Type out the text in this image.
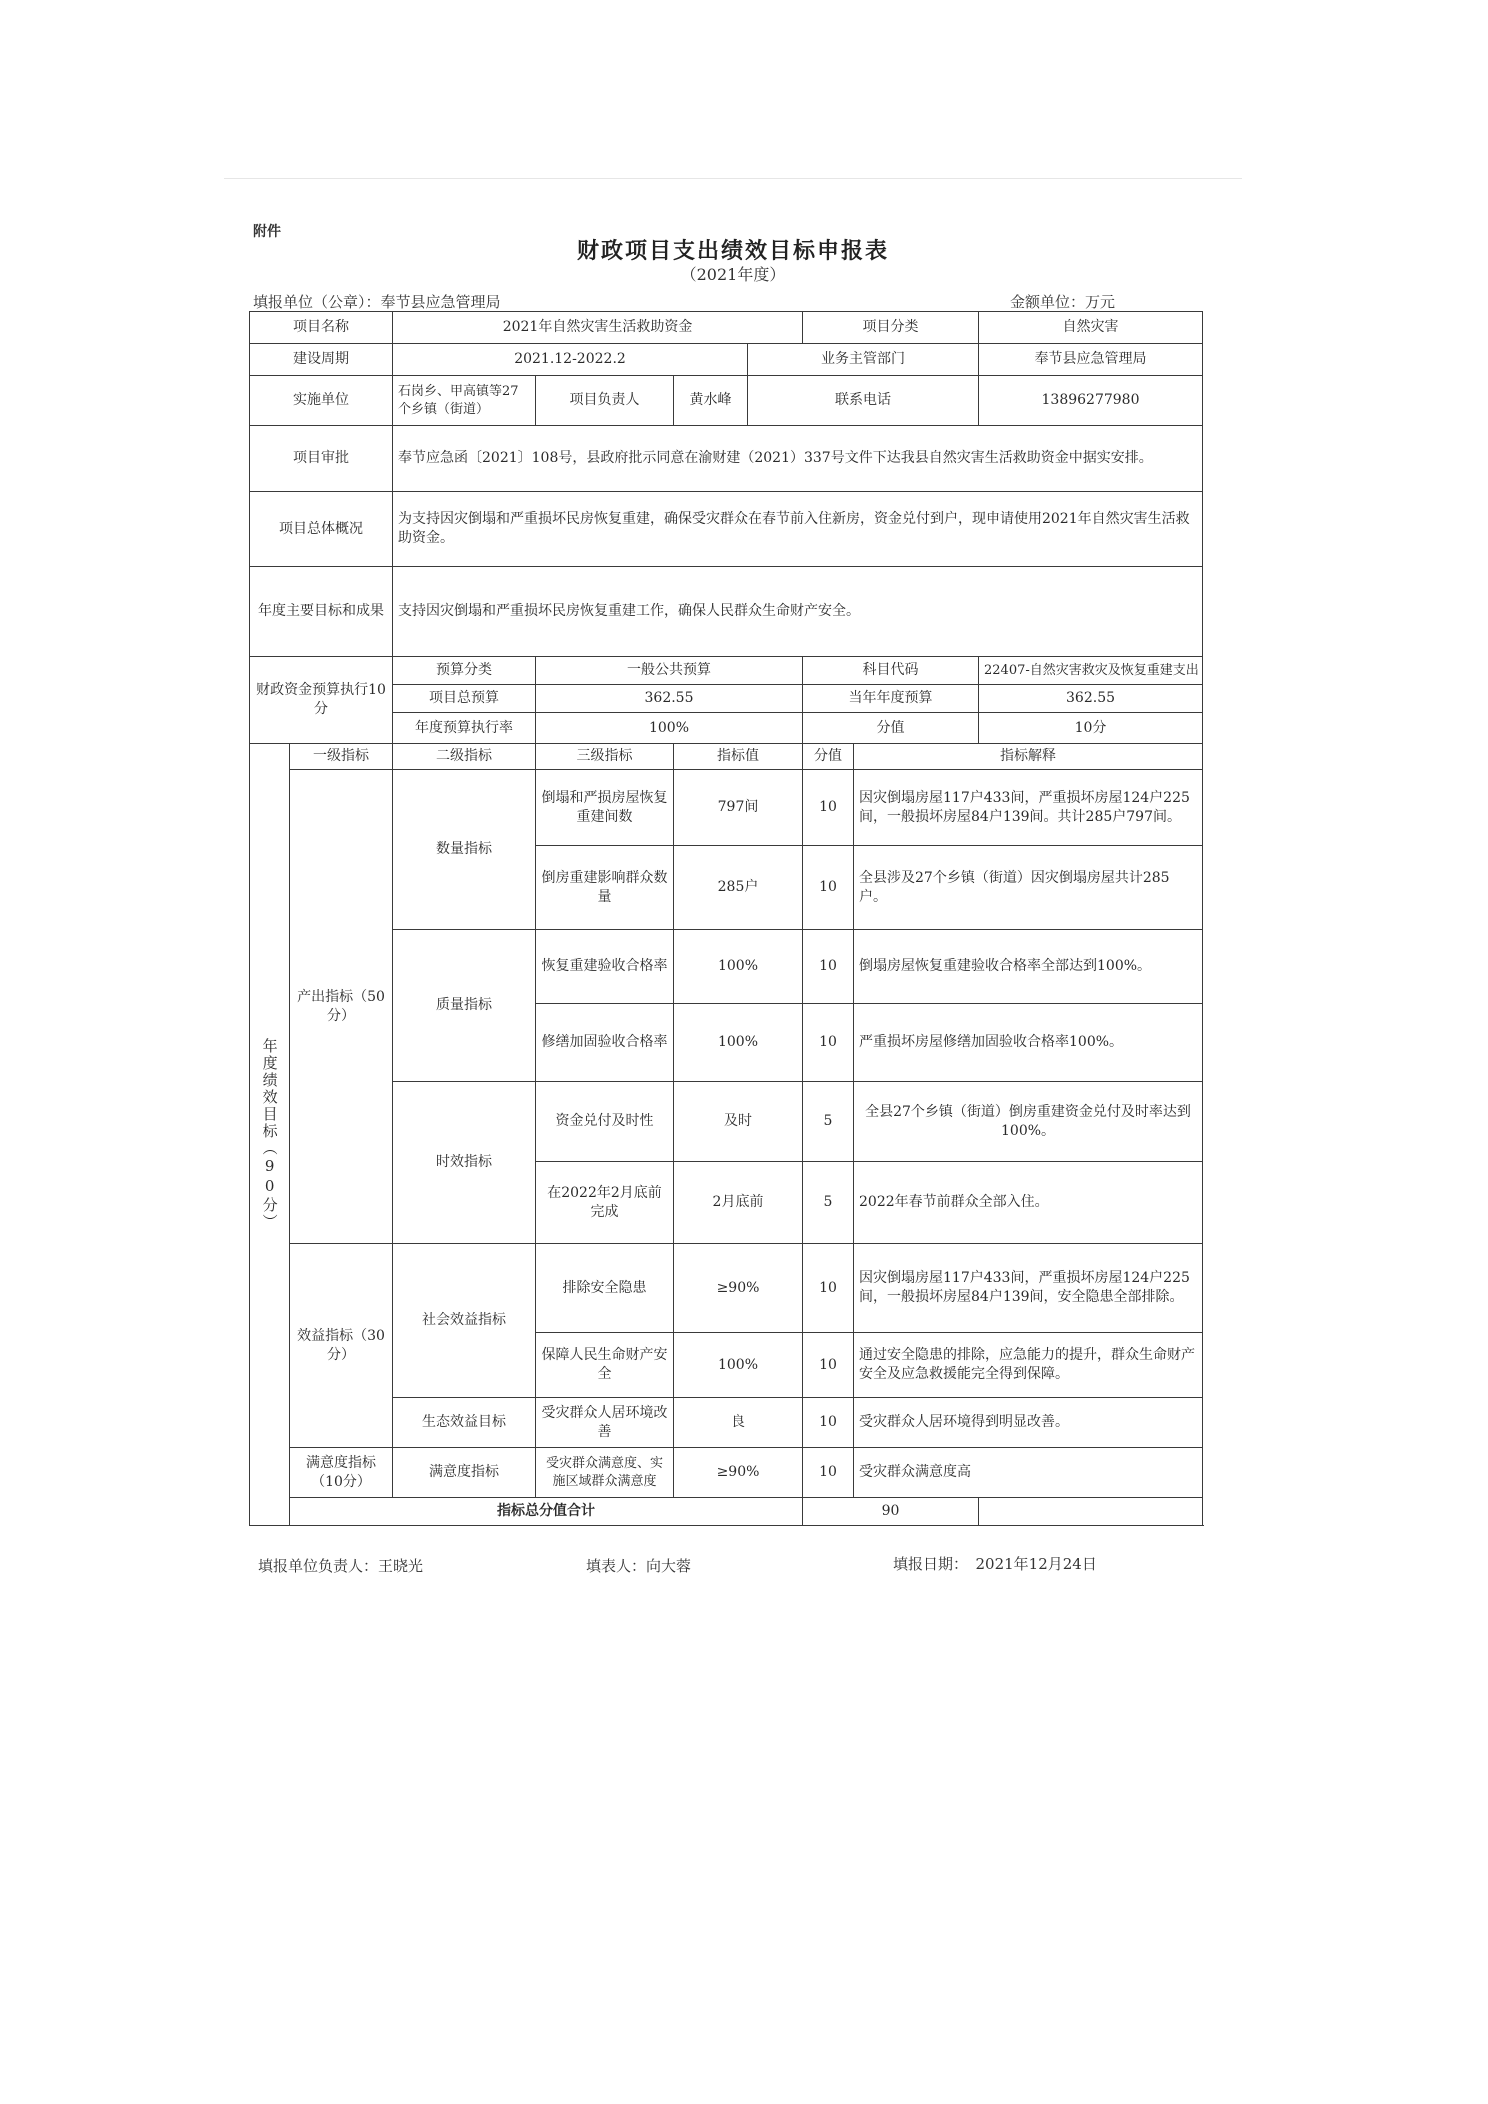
附件
财政项目支出绩效目标申报表
（2021年度）
填报单位（公章）：奉节县应急管理局	金额单位：万元
项目名称		2021年自然灾害生活救助资金				项目分类		自然灾害
建设周期		2021.12-2022.2			业务主管部门			奉节县应急管理局
实施单位		石岗乡、甲高镇等27个乡镇（街道）	项目负责人	黄水峰	联系电话			13896277980
项目审批		奉节应急函〔2021〕108号，县政府批示同意在渝财建（2021）337号文件下达我县自然灾害生活救助资金中据实安排。						
项目总体概况		为支持因灾倒塌和严重损坏民房恢复重建，确保受灾群众在春节前入住新房，资金兑付到户，现申请使用2021年自然灾害生活救助资金。						
年度主要目标和成果		支持因灾倒塌和严重损坏民房恢复重建工作，确保人民群众生命财产安全。						
财政资金预算执行10分		预算分类	一般公共预算			科目代码		22407-自然灾害救灾及恢复重建支出
		项目总预算	362.55			当年年度预算		362.55
		年度预算执行率	100%			分值		10分
年度绩效目标（90分）	一级指标	二级指标	三级指标	指标值		分值	指标解释	
	产出指标（50分）	数量指标	倒塌和严损房屋恢复重建间数	797间		10	因灾倒塌房屋117户433间，严重损坏房屋124户225间，一般损坏房屋84户139间。共计285户797间。	
			倒房重建影响群众数量	285户		10	全县涉及27个乡镇（街道）因灾倒塌房屋共计285户。	
		质量指标	恢复重建验收合格率	100%		10	倒塌房屋恢复重建验收合格率全部达到100%。	
			修缮加固验收合格率	100%		10	严重损坏房屋修缮加固验收合格率100%。	
		时效指标	资金兑付及时性	及时		5	全县27个乡镇（街道）倒房重建资金兑付及时率达到100%。	
			在2022年2月底前完成	2月底前		5	2022年春节前群众全部入住。	
	效益指标（30分）	社会效益指标	排除安全隐患	≥90%		10	因灾倒塌房屋117户433间，严重损坏房屋124户225间，一般损坏房屋84户139间，安全隐患全部排除。	
			保障人民生命财产安全	100%		10	通过安全隐患的排除，应急能力的提升，群众生命财产安全及应急救援能完全得到保障。	
		生态效益目标	受灾群众人居环境改善	良		10	受灾群众人居环境得到明显改善。	
	满意度指标（10分）	满意度指标	受灾群众满意度、实施区域群众满意度	≥90%		10	受灾群众满意度高	
	指标总分值合计					90		
填报单位负责人：王晓光	填表人：向大蓉	填报日期：　2021年12月24日
